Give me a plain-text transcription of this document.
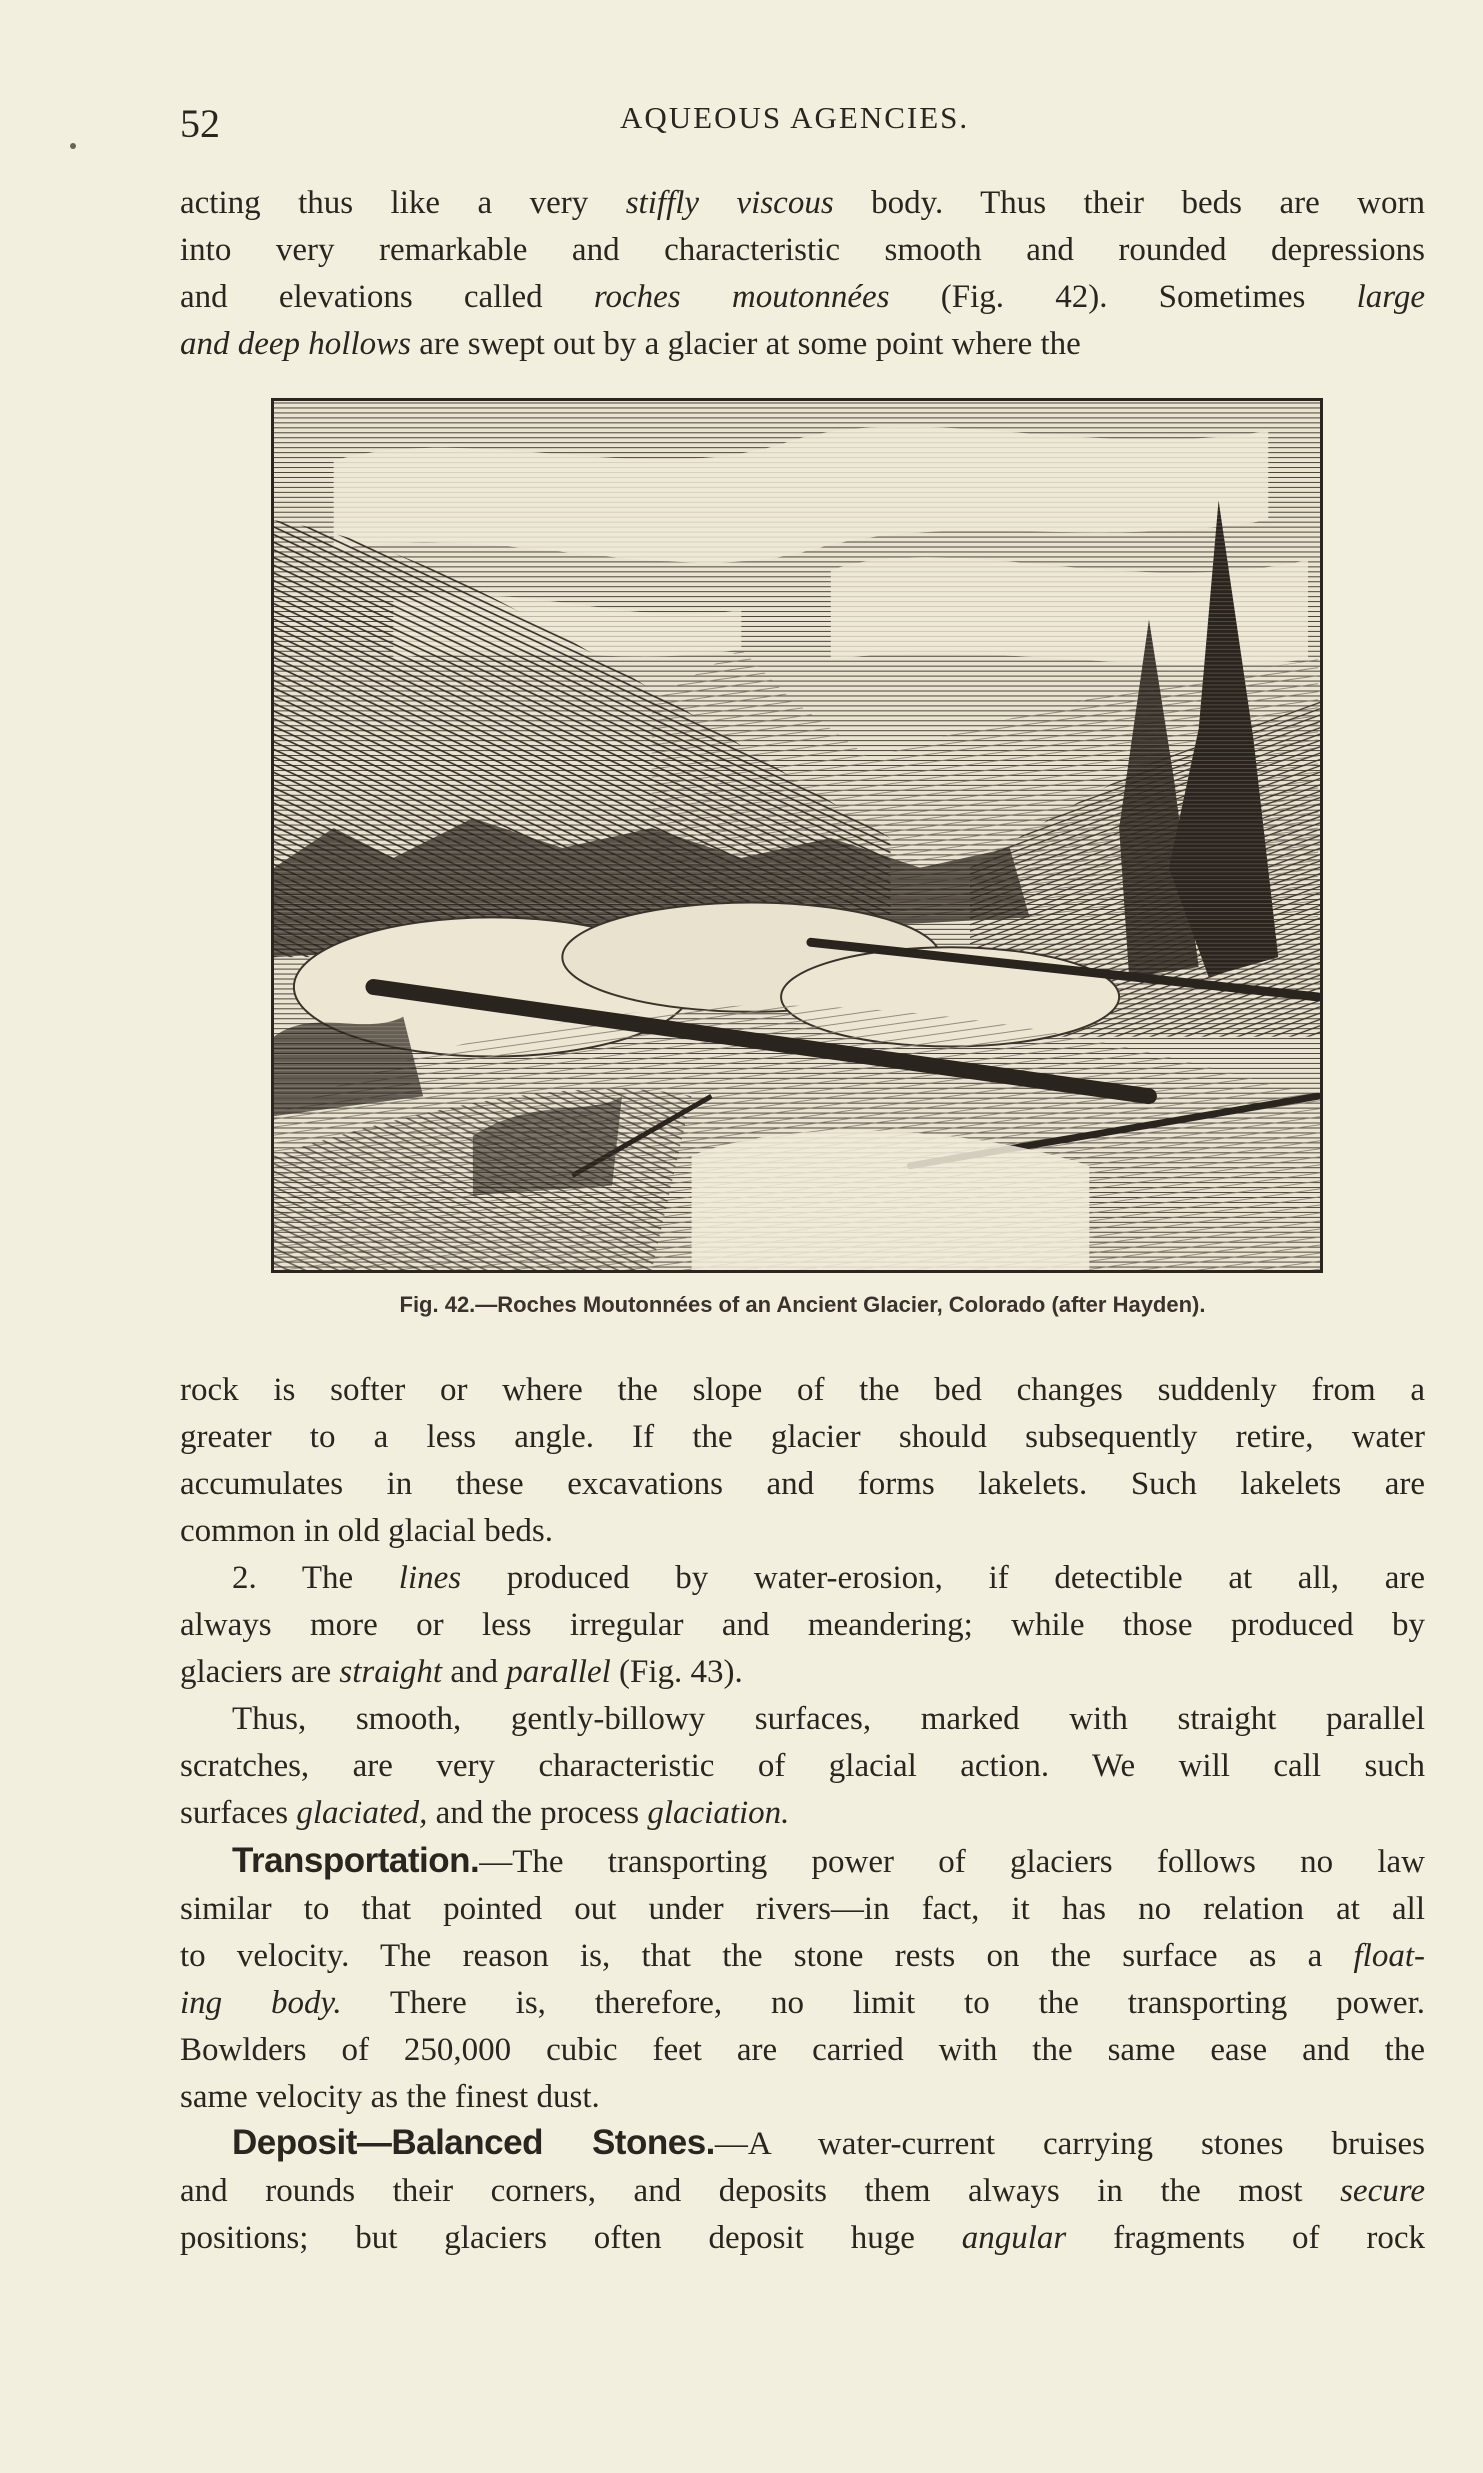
52	AQUEOUS AGENCIES.

acting thus like a very stiffly viscous body. Thus their beds are worn
into very remarkable and characteristic smooth and rounded depressions
and elevations called roches moutonnées (Fig. 42). Sometimes large
and deep hollows are swept out by a glacier at some point where the

Fig. 42.—Roches Moutonnées of an Ancient Glacier, Colorado (after Hayden).

rock is softer or where the slope of the bed changes suddenly from a
greater to a less angle. If the glacier should subsequently retire, water
accumulates in these excavations and forms lakelets. Such lakelets are
common in old glacial beds.

2. The lines produced by water-erosion, if detectible at all, are
always more or less irregular and meandering; while those produced by
glaciers are straight and parallel (Fig. 43).

Thus, smooth, gently-billowy surfaces, marked with straight parallel
scratches, are very characteristic of glacial action. We will call such
surfaces glaciated, and the process glaciation.

Transportation.—The transporting power of glaciers follows no law
similar to that pointed out under rivers—in fact, it has no relation at all
to velocity. The reason is, that the stone rests on the surface as a float-
ing body. There is, therefore, no limit to the transporting power.
Bowlders of 250,000 cubic feet are carried with the same ease and the
same velocity as the finest dust.

Deposit—Balanced Stones.—A water-current carrying stones bruises
and rounds their corners, and deposits them always in the most secure
positions; but glaciers often deposit huge angular fragments of rock
